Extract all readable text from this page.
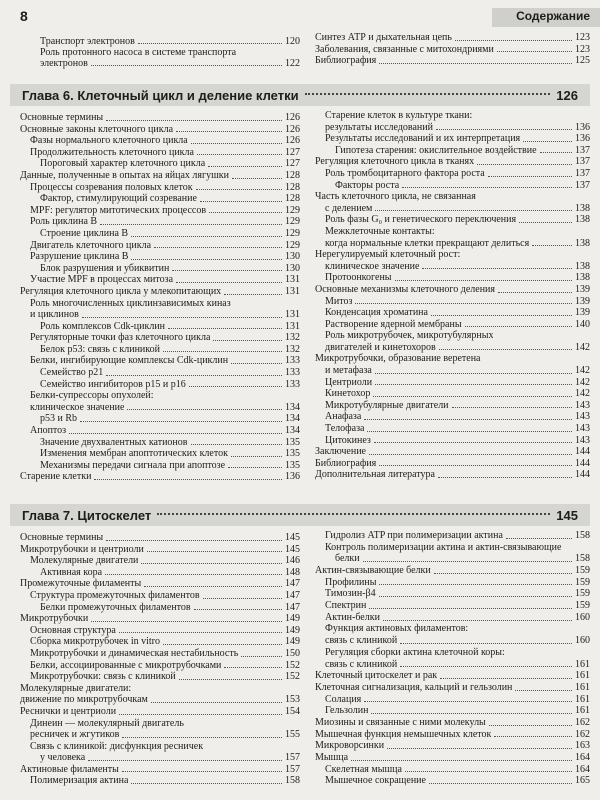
8	Содержание
Транспорт электронов	120
Роль протонного насоса в системе транспорта
электронов	122
Синтез АТР и дыхательная цепь	123
Заболевания, связанные с митохондриями	123
Библиография	125
Глава 6. Клеточный цикл и деление клетки	126
Основные термины	126
Основные законы клеточного цикла	126
Фазы нормального клеточного цикла	126
Продолжительность клеточного цикла	127
Пороговый характер клеточного цикла	127
Данные, полученные в опытах на яйцах лягушки	128
Процессы созревания половых клеток	128
Фактор, стимулирующий созревание	128
MPF: регулятор митотических процессов	129
Роль циклина B	129
Строение циклина B	129
Двигатель клеточного цикла	129
Разрушение циклина B	130
Блок разрушения и убиквитин	130
Участие MPF в процессах митоза	131
Регуляция клеточного цикла у млекопитающих	131
Роль многочисленных циклинзависимых киназ
и циклинов	131
Роль комплексов Cdk-циклин	131
Регуляторные точки фаз клеточного цикла	132
Белок p53: связь с клиникой	132
Белки, ингибирующие комплексы Cdk-циклин	133
Семейство p21	133
Семейство ингибиторов p15 и p16	133
Белки-супрессоры опухолей:
клиническое значение	134
p53 и Rb	134
Апоптоз	134
Значение двухвалентных катионов	135
Изменения мембран апоптотических клеток	135
Механизмы передачи сигнала при апоптозе	135
Старение клетки	136
Старение клеток в культуре ткани:
результаты исследований	136
Результаты исследований и их интерпретация	136
Гипотеза старения: окислительное воздействие	137
Регуляция клеточного цикла в тканях	137
Роль тромбоцитарного фактора роста	137
Факторы роста	137
Часть клеточного цикла, не связанная
с делением	138
Роль фазы G₀ и генетического переключения	138
Межклеточные контакты:
когда нормальные клетки прекращают делиться	138
Нерегулируемый клеточный рост:
клиническое значение	138
Протоонкогены	138
Основные механизмы клеточного деления	139
Митоз	139
Конденсация хроматина	139
Растворение ядерной мембраны	140
Роль микротрубочек, микротубулярных
двигателей и кинетохоров	142
Микротрубочки, образование веретена
и метафаза	142
Центриоли	142
Кинетохор	142
Микротубулярные двигатели	143
Анафаза	143
Телофаза	143
Цитокинез	143
Заключение	144
Библиография	144
Дополнительная литература	144
Глава 7. Цитоскелет	145
Основные термины	145
Микротрубочки и центриоли	145
Молекулярные двигатели	146
Активная кора	148
Промежуточные филаменты	147
Структура промежуточных филаментов	147
Белки промежуточных филаментов	147
Микротрубочки	149
Основная структура	149
Сборка микротрубочек in vitro	149
Микротрубочки и динамическая нестабильность	150
Белки, ассоциированные с микротрубочками	152
Микротрубочки: связь с клиникой	152
Молекулярные двигатели:
движение по микротрубочкам	153
Реснички и центриоли	154
Динеин — молекулярный двигатель
ресничек и жгутиков	155
Связь с клиникой: дисфункция ресничек
у человека	157
Актиновые филаменты	157
Полимеризация актина	158
Гидролиз ATP при полимеризации актина	158
Контроль полимеризации актина и актин-связывающие
белки	158
Актин-связывающие белки	159
Профилины	159
Тимозин-β4	159
Спектрин	159
Актин-белки	160
Функция актиновых филаментов:
связь с клиникой	160
Регуляция сборки актина клеточной коры:
связь с клиникой	161
Клеточный цитоскелет и рак	161
Клеточная сигнализация, кальций и гельзолин	161
Солация	161
Гельзолин	161
Миозины и связанные с ними молекулы	162
Мышечная функция немышечных клеток	162
Микроворсинки	163
Мышца	164
Скелетная мышца	164
Мышечное сокращение	165
